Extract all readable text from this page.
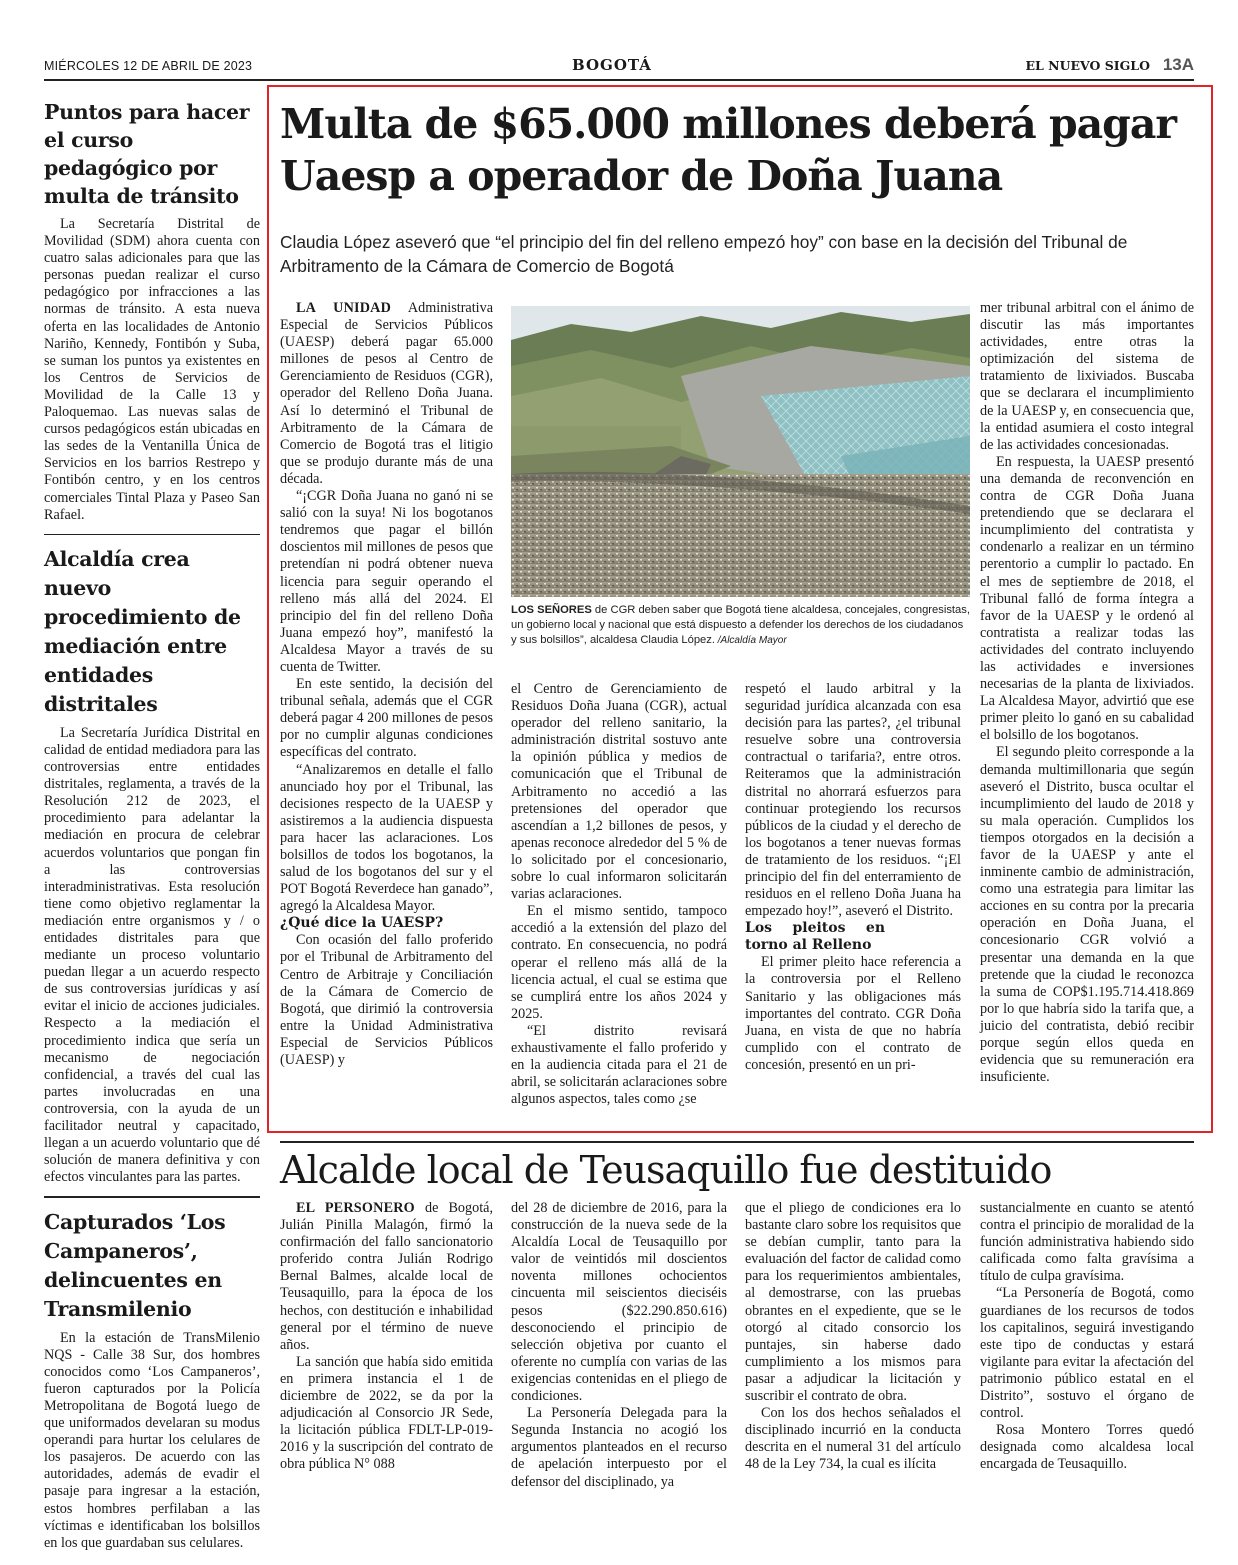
MIÉRCOLES 12 DE ABRIL DE 2023	BOGOTÁ	EL NUEVO SIGLO 13A
Puntos para hacer el curso pedagógico por multa de tránsito

La Secretaría Distrital de Movilidad (SDM) ahora cuenta con cuatro salas adicionales para que las personas puedan realizar el curso pedagógico por infracciones a las normas de tránsito. A esta nueva oferta en las localidades de Antonio Nariño, Kennedy, Fontibón y Suba, se suman los puntos ya existentes en los Centros de Servicios de Movilidad de la Calle 13 y Paloquemao. Las nuevas salas de cursos pedagógicos están ubicadas en las sedes de la Ventanilla Única de Servicios en los barrios Restrepo y Fontibón centro, y en los centros comerciales Tintal Plaza y Paseo San Rafael.

Alcaldía crea nuevo procedimiento de mediación entre entidades distritales

La Secretaría Jurídica Distrital en calidad de entidad mediadora para las controversias entre entidades distritales, reglamenta, a través de la Resolución 212 de 2023, el procedimiento para adelantar la mediación en procura de celebrar acuerdos voluntarios que pongan fin a las controversias interadministrativas. Esta resolución tiene como objetivo reglamentar la mediación entre organismos y / o entidades distritales para que mediante un proceso voluntario puedan llegar a un acuerdo respecto de sus controversias jurídicas y así evitar el inicio de acciones judiciales. Respecto a la mediación el procedimiento indica que sería un mecanismo de negociación confidencial, a través del cual las partes involucradas en una controversia, con la ayuda de un facilitador neutral y capacitado, llegan a un acuerdo voluntario que dé solución de manera definitiva y con efectos vinculantes para las partes.

Capturados ‘Los Campaneros’, delincuentes en Transmilenio

En la estación de TransMilenio NQS - Calle 38 Sur, dos hombres conocidos como ‘Los Campaneros’, fueron capturados por la Policía Metropolitana de Bogotá luego de que uniformados develaran su modus operandi para hurtar los celulares de los pasajeros. De acuerdo con las autoridades, además de evadir el pasaje para ingresar a la estación, estos hombres perfilaban a las víctimas e identificaban los bolsillos en los que guardaban sus celulares.

Multa de $65.000 millones deberá pagar Uaesp a operador de Doña Juana

Claudia López aseveró que “el principio del fin del relleno empezó hoy” con base en la decisión del Tribunal de Arbitramento de la Cámara de Comercio de Bogotá

LOS SEÑORES de CGR deben saber que Bogotá tiene alcaldesa, concejales, congresistas, un gobierno local y nacional que está dispuesto a defender los derechos de los ciudadanos y sus bolsillos”, alcaldesa Claudia López. /Alcaldía Mayor

LA UNIDAD Administrativa Especial de Servicios Públicos (UAESP) deberá pagar 65.000 millones de pesos al Centro de Gerenciamiento de Residuos (CGR), operador del Relleno Doña Juana. Así lo determinó el Tribunal de Arbitramento de la Cámara de Comercio de Bogotá tras el litigio que se produjo durante más de una década.

“¡CGR Doña Juana no ganó ni se salió con la suya! Ni los bogotanos tendremos que pagar el billón doscientos mil millones de pesos que pretendían ni podrá obtener nueva licencia para seguir operando el relleno más allá del 2024. El principio del fin del relleno Doña Juana empezó hoy”, manifestó la Alcaldesa Mayor a través de su cuenta de Twitter.

En este sentido, la decisión del tribunal señala, además que el CGR deberá pagar 4 200 millones de pesos por no cumplir algunas condiciones específicas del contrato.

“Analizaremos en detalle el fallo anunciado hoy por el Tribunal, las decisiones respecto de la UAESP y asistiremos a la audiencia dispuesta para hacer las aclaraciones. Los bolsillos de todos los bogotanos, la salud de los bogotanos del sur y el POT Bogotá Reverdece han ganado”, agregó la Alcaldesa Mayor.

¿Qué dice la UAESP?

Con ocasión del fallo proferido por el Tribunal de Arbitramento del Centro de Arbitraje y Conciliación de la Cámara de Comercio de Bogotá, que dirimió la controversia entre la Unidad Administrativa Especial de Servicios Públicos (UAESP) y

el Centro de Gerenciamiento de Residuos Doña Juana (CGR), actual operador del relleno sanitario, la administración distrital sostuvo ante la opinión pública y medios de comunicación que el Tribunal de Arbitramento no accedió a las pretensiones del operador que ascendían a 1,2 billones de pesos, y apenas reconoce alrededor del 5 % de lo solicitado por el concesionario, sobre lo cual informaron solicitarán varias aclaraciones.

En el mismo sentido, tampoco accedió a la extensión del plazo del contrato. En consecuencia, no podrá operar el relleno más allá de la licencia actual, el cual se estima que se cumplirá entre los años 2024 y 2025.

“El distrito revisará exhaustivamente el fallo proferido y en la audiencia citada para el 21 de abril, se solicitarán aclaraciones sobre algunos aspectos, tales como ¿se

respetó el laudo arbitral y la seguridad jurídica alcanzada con esa decisión para las partes?, ¿el tribunal resuelve sobre una controversia contractual o tarifaria?, entre otros. Reiteramos que la administración distrital no ahorrará esfuerzos para continuar protegiendo los recursos públicos de la ciudad y el derecho de los bogotanos a tener nuevas formas de tratamiento de los residuos. “¡El principio del fin del enterramiento de residuos en el relleno Doña Juana ha empezado hoy!”, aseveró el Distrito.

Los pleitos en torno al Relleno

El primer pleito hace referencia a la controversia por el Relleno Sanitario y las obligaciones más importantes del contrato. CGR Doña Juana, en vista de que no habría cumplido con el contrato de concesión, presentó en un pri-

mer tribunal arbitral con el ánimo de discutir las más importantes actividades, entre otras la optimización del sistema de tratamiento de lixiviados. Buscaba que se declarara el incumplimiento de la UAESP y, en consecuencia que, la entidad asumiera el costo integral de las actividades concesionadas.

En respuesta, la UAESP presentó una demanda de reconvención en contra de CGR Doña Juana pretendiendo que se declarara el incumplimiento del contratista y condenarlo a realizar en un término perentorio a cumplir lo pactado. En el mes de septiembre de 2018, el Tribunal falló de forma íntegra a favor de la UAESP y le ordenó al contratista a realizar todas las actividades del contrato incluyendo las actividades e inversiones necesarias de la planta de lixiviados. La Alcaldesa Mayor, advirtió que ese primer pleito lo ganó en su cabalidad el bolsillo de los bogotanos.

El segundo pleito corresponde a la demanda multimillonaria que según aseveró el Distrito, busca ocultar el incumplimiento del laudo de 2018 y su mala operación. Cumplidos los tiempos otorgados en la decisión a favor de la UAESP y ante el inminente cambio de administración, como una estrategia para limitar las acciones en su contra por la precaria operación en Doña Juana, el concesionario CGR volvió a presentar una demanda en la que pretende que la ciudad le reconozca la suma de COP$1.195.714.418.869 por lo que habría sido la tarifa que, a juicio del contratista, debió recibir porque según ellos queda en evidencia que su remuneración era insuficiente.

Alcalde local de Teusaquillo fue destituido

EL PERSONERO de Bogotá, Julián Pinilla Malagón, firmó la confirmación del fallo sancionatorio proferido contra Julián Rodrigo Bernal Balmes, alcalde local de Teusaquillo, para la época de los hechos, con destitución e inhabilidad general por el término de nueve años.

La sanción que había sido emitida en primera instancia el 1 de diciembre de 2022, se da por la adjudicación al Consorcio JR Sede, la licitación pública FDLT-LP-019-2016 y la suscripción del contrato de obra pública N° 088

del 28 de diciembre de 2016, para la construcción de la nueva sede de la Alcaldía Local de Teusaquillo por valor de veintidós mil doscientos noventa millones ochocientos cincuenta mil seiscientos dieciséis pesos ($22.290.850.616) desconociendo el principio de selección objetiva por cuanto el oferente no cumplía con varias de las exigencias contenidas en el pliego de condiciones.

La Personería Delegada para la Segunda Instancia no acogió los argumentos planteados en el recurso de apelación interpuesto por el defensor del disciplinado, ya

que el pliego de condiciones era lo bastante claro sobre los requisitos que se debían cumplir, tanto para la evaluación del factor de calidad como para los requerimientos ambientales, al demostrarse, con las pruebas obrantes en el expediente, que se le otorgó al citado consorcio los puntajes, sin haberse dado cumplimiento a los mismos para pasar a adjudicar la licitación y suscribir el contrato de obra.

Con los dos hechos señalados el disciplinado incurrió en la conducta descrita en el numeral 31 del artículo 48 de la Ley 734, la cual es ilícita

sustancialmente en cuanto se atentó contra el principio de moralidad de la función administrativa habiendo sido calificada como falta gravísima a título de culpa gravísima.

“La Personería de Bogotá, como guardianes de los recursos de todos los capitalinos, seguirá investigando este tipo de conductas y estará vigilante para evitar la afectación del patrimonio público estatal en el Distrito”, sostuvo el órgano de control.

Rosa Montero Torres quedó designada como alcaldesa local encargada de Teusaquillo.
